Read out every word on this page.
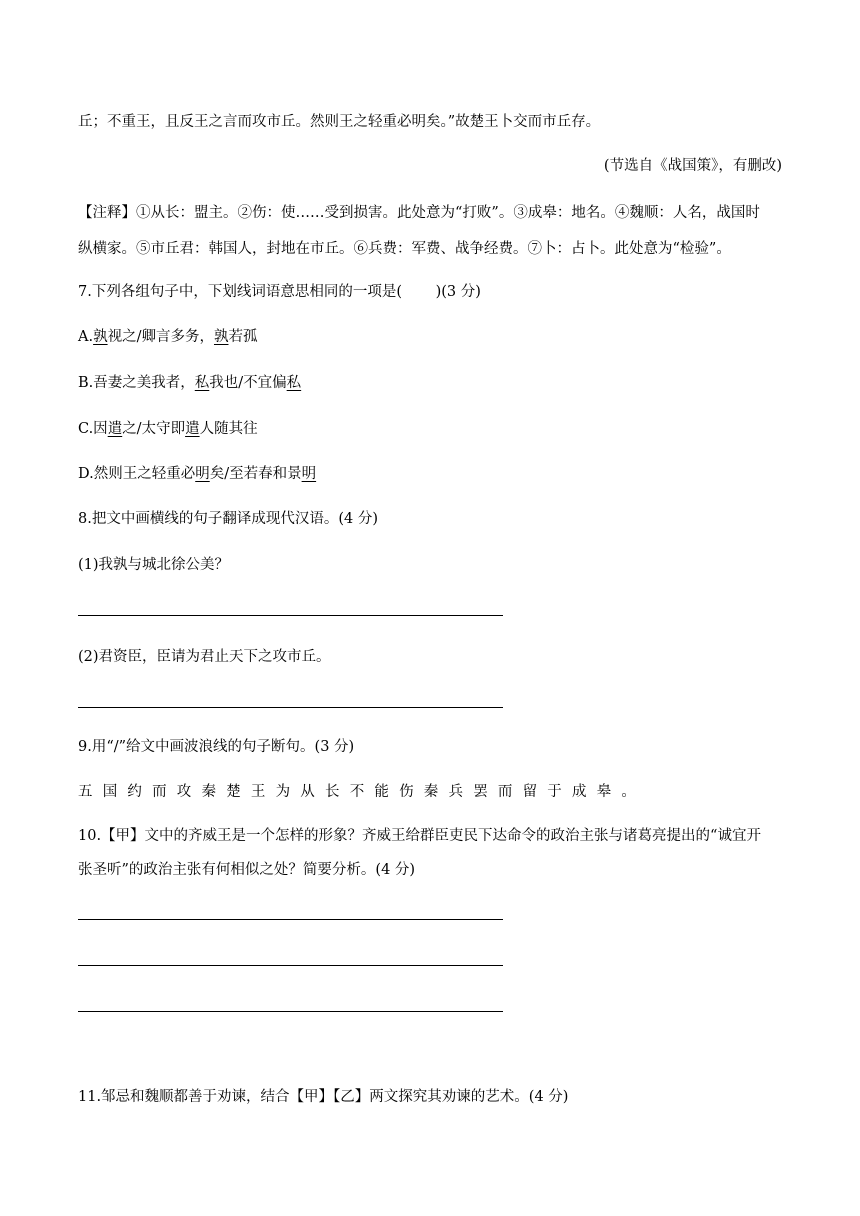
丘；不重王，且反王之言而攻市丘。然则王之轻重必明矣。”故楚王卜交而市丘存。
(节选自《战国策》，有删改)
【注释】①从长：盟主。②伤：使……受到损害。此处意为“打败”。③成皋：地名。④魏顺：人名，战国时
纵横家。⑤市丘君：韩国人，封地在市丘。⑥兵费：军费、战争经费。⑦卜：占卜。此处意为“检验”。
7.下列各组句子中，下划线词语意思相同的一项是(　　 )(3 分)
A.孰视之/卿言多务，孰若孤
B.吾妻之美我者，私我也/不宜偏私
C.因遣之/太守即遣人随其往
D.然则王之轻重必明矣/至若春和景明
8.把文中画横线的句子翻译成现代汉语。(4 分)
(1)我孰与城北徐公美？
(2)君资臣，臣请为君止天下之攻市丘。
9.用“/”给文中画波浪线的句子断句。(3 分)
五国约而攻秦楚王为从长不能伤秦兵罢而留于成皋。
10.【甲】文中的齐威王是一个怎样的形象？齐威王给群臣吏民下达命令的政治主张与诸葛亮提出的“诚宜开
张圣听”的政治主张有何相似之处？简要分析。(4 分)
11.邹忌和魏顺都善于劝谏，结合【甲】【乙】两文探究其劝谏的艺术。(4 分)
